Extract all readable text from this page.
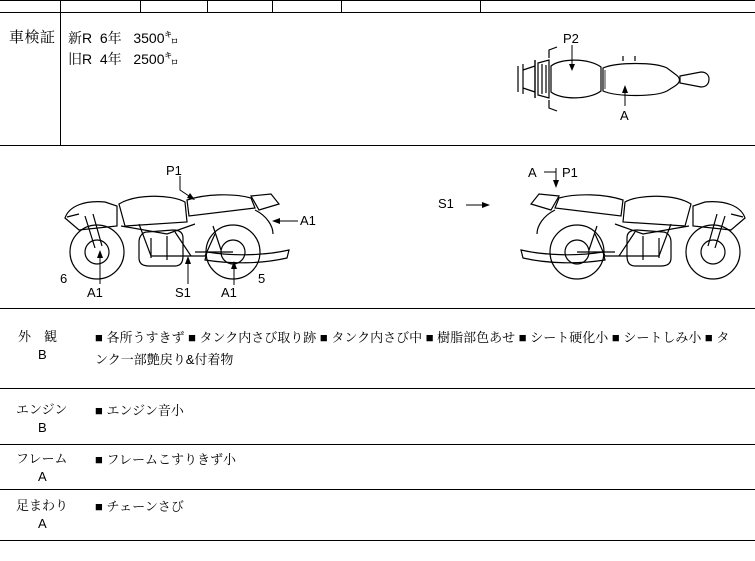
車検証 新R  6年   3500㌔
旧R  4年   2500㌔
P2
A
P1
A1
6
A1	S1 A1
5
A P1
S1
外　観
B
■ 各所うすきず ■ タンク内さび取り跡 ■ タンク内さび中 ■ 樹脂部色あせ ■ シート硬化小 ■ シートしみ小 ■ タンク一部艶戻り&付着物
エンジン
B
■ エンジン音小
フレーム
A
■ フレームこすりきず小
足まわり
A
■ チェーンさび
